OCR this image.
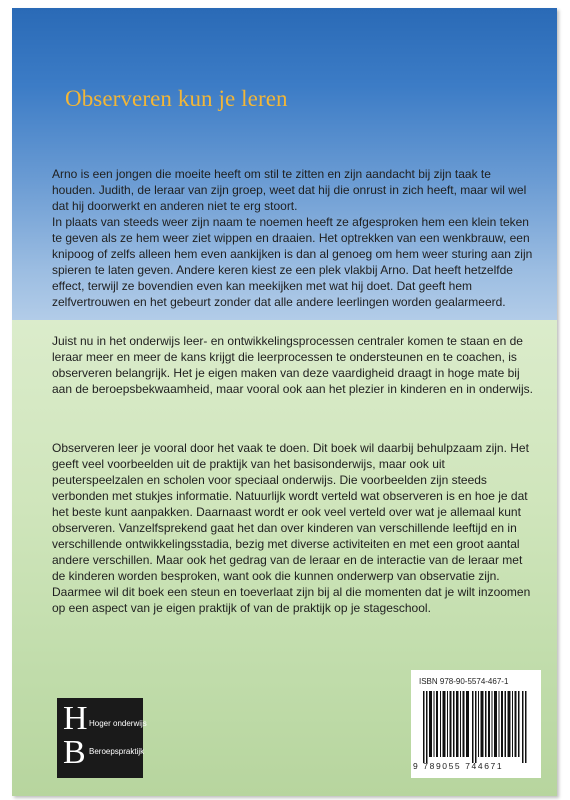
Observeren kun je leren

Arno is een jongen die moeite heeft om stil te zitten en zijn aandacht bij zijn taak te houden. Judith, de leraar van zijn groep, weet dat hij die onrust in zich heeft, maar wil wel dat hij doorwerkt en anderen niet te erg stoort.
In plaats van steeds weer zijn naam te noemen heeft ze afgesproken hem een klein teken te geven als ze hem weer ziet wippen en draaien. Het optrekken van een wenkbrauw, een knipoog of zelfs alleen hem even aankijken is dan al genoeg om hem weer sturing aan zijn spieren te laten geven. Andere keren kiest ze een plek vlakbij Arno. Dat heeft hetzelfde effect, terwijl ze bovendien even kan meekijken met wat hij doet. Dat geeft hem zelfvertrouwen en het gebeurt zonder dat alle andere leerlingen worden gealarmeerd.

Juist nu in het onderwijs leer- en ontwikkelingsprocessen centraler komen te staan en de leraar meer en meer de kans krijgt die leerprocessen te ondersteunen en te coachen, is observeren belangrijk. Het je eigen maken van deze vaardigheid draagt in hoge mate bij aan de beroepsbekwaamheid, maar vooral ook aan het plezier in kinderen en in onderwijs.

Observeren leer je vooral door het vaak te doen. Dit boek wil daarbij behulpzaam zijn. Het geeft veel voorbeelden uit de praktijk van het basisonderwijs, maar ook uit peuterspeelzalen en scholen voor speciaal onderwijs. Die voorbeelden zijn steeds verbonden met stukjes informatie. Natuurlijk wordt verteld wat observeren is en hoe je dat het beste kunt aanpakken. Daarnaast wordt er ook veel verteld over wat je allemaal kunt observeren. Vanzelfsprekend gaat het dan over kinderen van verschillende leeftijd en in verschillende ontwikkelingsstadia, bezig met diverse activiteiten en met een groot aantal andere verschillen. Maar ook het gedrag van de leraar en de interactie van de leraar met de kinderen worden besproken, want ook die kunnen onderwerp van observatie zijn. Daarmee wil dit boek een steun en toeverlaat zijn bij al die momenten dat je wilt inzoomen op een aspect van je eigen praktijk of van de praktijk op je stageschool.

ISBN 978-90-5574-467-1
9 789055 744671
H
B
Hoger onderwijs
Beroepspraktijk
